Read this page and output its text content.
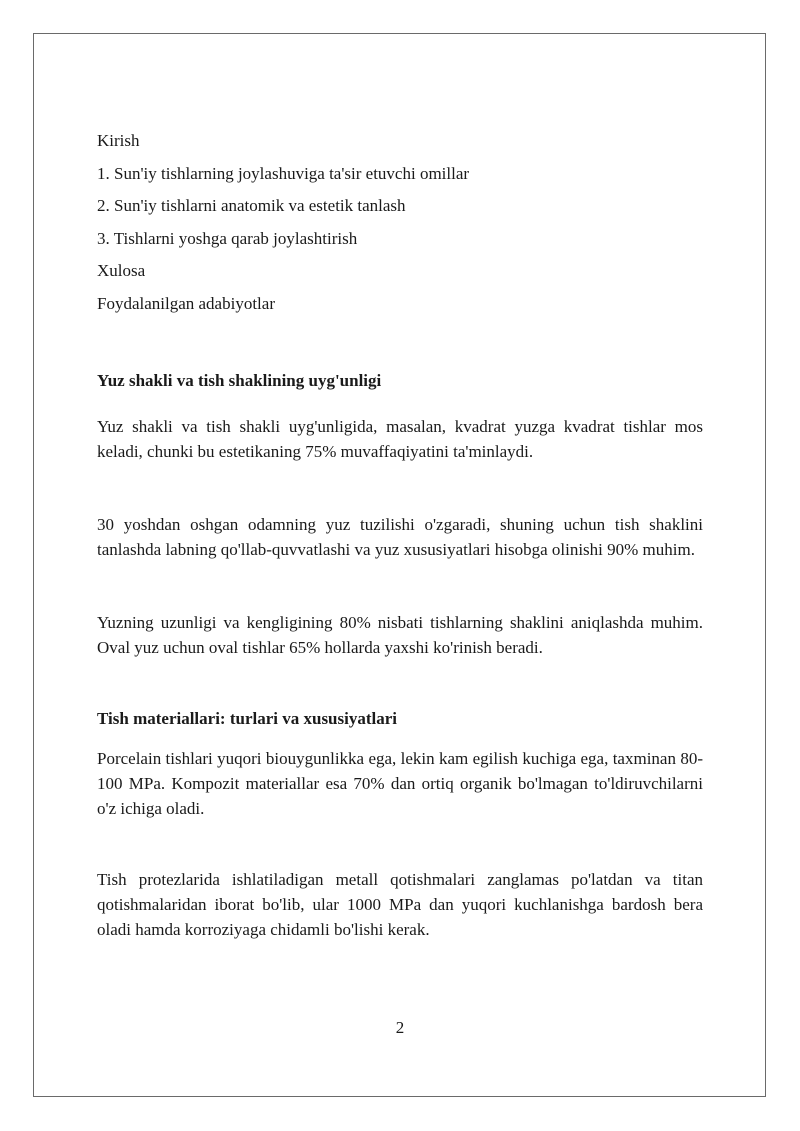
Kirish
1. Sun'iy tishlarning joylashuviga ta'sir etuvchi omillar
2. Sun'iy tishlarni anatomik va estetik tanlash
3. Tishlarni yoshga qarab joylashtirish
Xulosa
Foydalanilgan adabiyotlar
Yuz shakli va tish shaklining uyg'unligi

Yuz shakli va tish shakli uyg'unligida, masalan, kvadrat yuzga kvadrat tishlar mos keladi, chunki bu estetikaning 75% muvaffaqiyatini ta'minlaydi.

30 yoshdan oshgan odamning yuz tuzilishi o'zgaradi, shuning uchun tish shaklini tanlashda labning qo'llab-quvvatlashi va yuz xususiyatlari hisobga olinishi 90% muhim.

Yuzning uzunligi va kengligining 80% nisbati tishlarning shaklini aniqlashda muhim. Oval yuz uchun oval tishlar 65% hollarda yaxshi ko'rinish beradi.

Tish materiallari: turlari va xususiyatlari

Porcelain tishlari yuqori biouygunlikka ega, lekin kam egilish kuchiga ega, taxminan 80-100 MPa. Kompozit materiallar esa 70% dan ortiq organik bo'lmagan to'ldiruvchilarni o'z ichiga oladi.

Tish protezlarida ishlatiladigan metall qotishmalari zanglamas po'latdan va titan qotishmalaridan iborat bo'lib, ular 1000 MPa dan yuqori kuchlanishga bardosh bera oladi hamda korroziyaga chidamli bo'lishi kerak.

2
